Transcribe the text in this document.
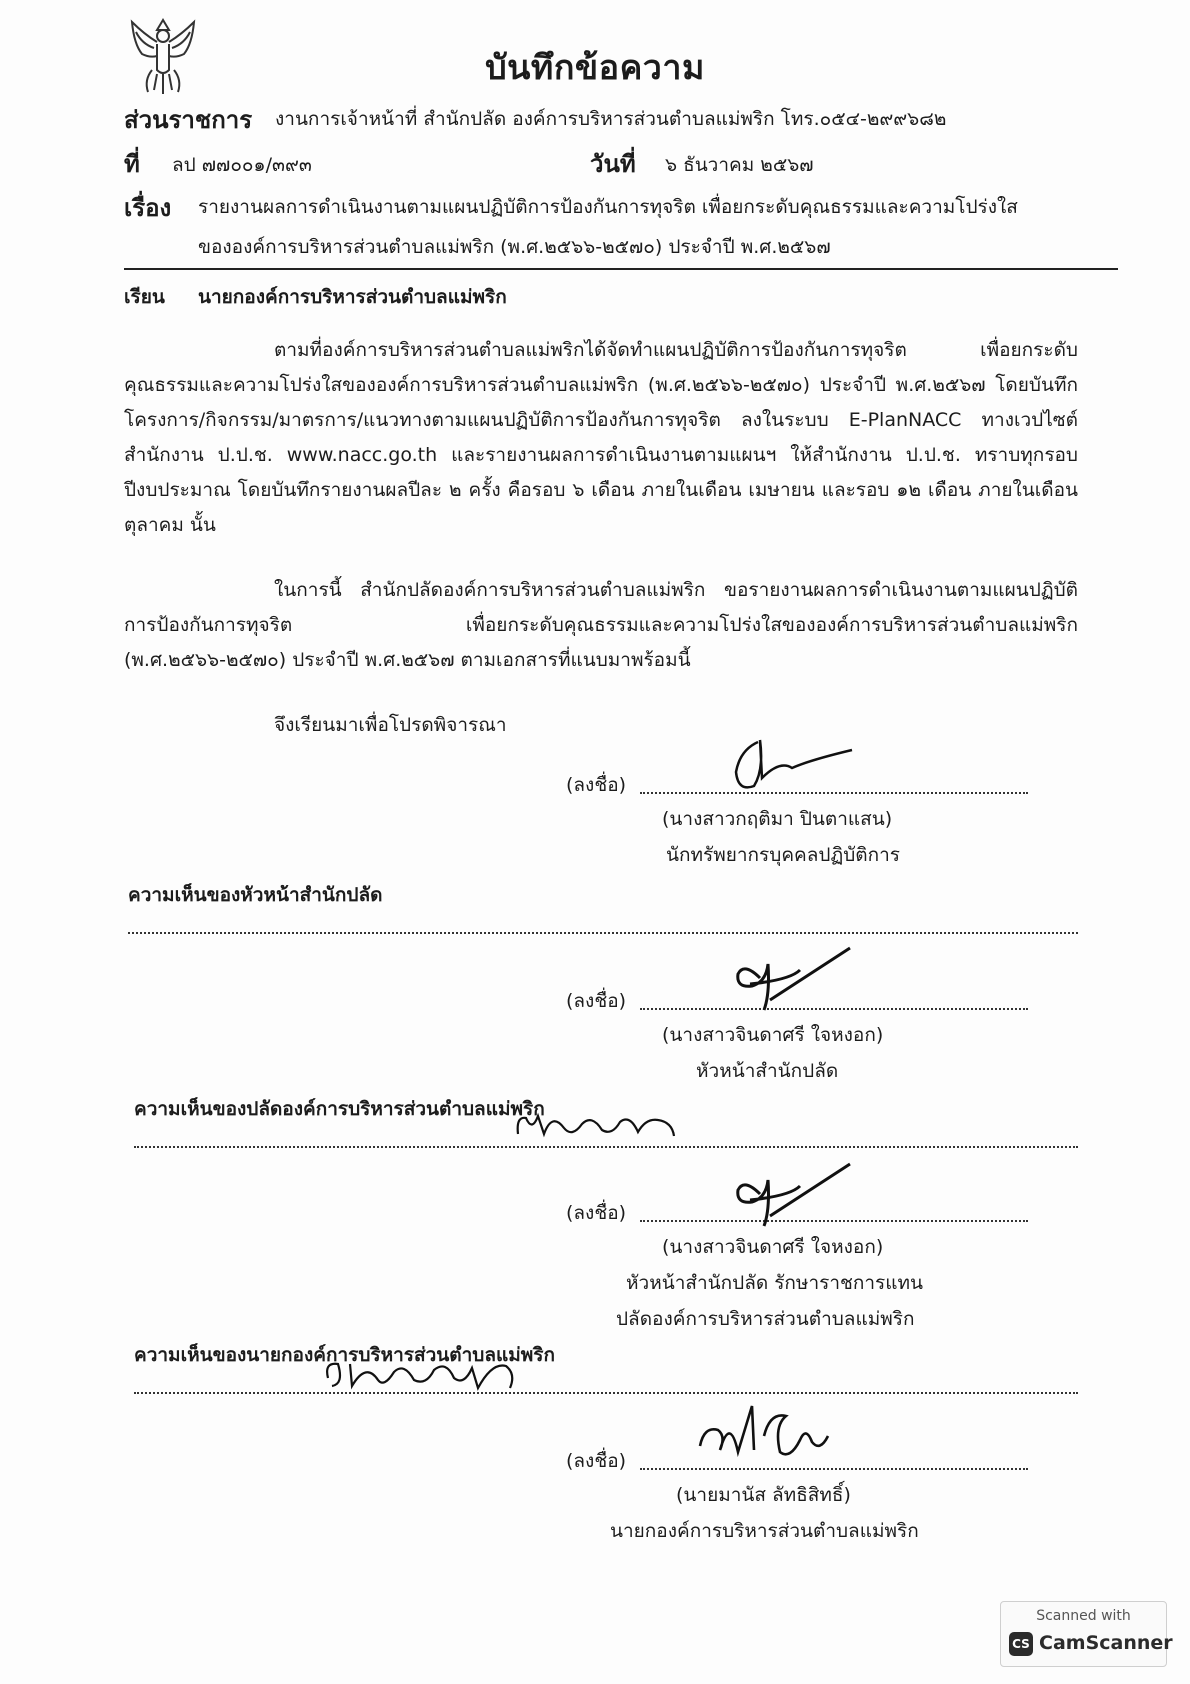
บันทึกข้อความ
ส่วนราชการ งานการเจ้าหน้าที่ สำนักปลัด องค์การบริหารส่วนตำบลแม่พริก โทร.๐๕๔-๒๙๙๖๘๒
ที่ ลป ๗๗๐๐๑/๓๙๓	วันที่ ๖ ธันวาคม ๒๕๖๗
เรื่อง รายงานผลการดำเนินงานตามแผนปฏิบัติการป้องกันการทุจริต เพื่อยกระดับคุณธรรมและความโปร่งใส
ขององค์การบริหารส่วนตำบลแม่พริก (พ.ศ.๒๕๖๖-๒๕๗๐) ประจำปี พ.ศ.๒๕๖๗
เรียน นายกองค์การบริหารส่วนตำบลแม่พริก
ตามที่องค์การบริหารส่วนตำบลแม่พริกได้จัดทำแผนปฏิบัติการป้องกันการทุจริต เพื่อยกระดับคุณธรรมและความโปร่งใสขององค์การบริหารส่วนตำบลแม่พริก (พ.ศ.๒๕๖๖-๒๕๗๐) ประจำปี พ.ศ.๒๕๖๗ โดยบันทึกโครงการ/กิจกรรม/มาตรการ/แนวทางตามแผนปฏิบัติการป้องกันการทุจริต ลงในระบบ E-PlanNACC ทางเวปไซต์สำนักงาน ป.ป.ช. www.nacc.go.th และรายงานผลการดำเนินงานตามแผนฯ ให้สำนักงาน ป.ป.ช. ทราบทุกรอบปีงบประมาณ โดยบันทึกรายงานผลปีละ ๒ ครั้ง คือรอบ ๖ เดือน ภายในเดือน เมษายน และรอบ ๑๒ เดือน ภายในเดือน ตุลาคม นั้น
ในการนี้ สำนักปลัดองค์การบริหารส่วนตำบลแม่พริก ขอรายงานผลการดำเนินงานตามแผนปฏิบัติการป้องกันการทุจริต เพื่อยกระดับคุณธรรมและความโปร่งใสขององค์การบริหารส่วนตำบลแม่พริก (พ.ศ.๒๕๖๖-๒๕๗๐) ประจำปี พ.ศ.๒๕๖๗ ตามเอกสารที่แนบมาพร้อมนี้
จึงเรียนมาเพื่อโปรดพิจารณา
(ลงชื่อ)
(นางสาวกฤติมา ปินตาแสน)
นักทรัพยากรบุคคลปฏิบัติการ
ความเห็นของหัวหน้าสำนักปลัด
(ลงชื่อ)
(นางสาวจินดาศรี ใจหงอก)
หัวหน้าสำนักปลัด
ความเห็นของปลัดองค์การบริหารส่วนตำบลแม่พริก
(ลงชื่อ)
(นางสาวจินดาศรี ใจหงอก)
หัวหน้าสำนักปลัด รักษาราชการแทน
ปลัดองค์การบริหารส่วนตำบลแม่พริก
ความเห็นของนายกองค์การบริหารส่วนตำบลแม่พริก
(ลงชื่อ)
(นายมานัส ลัทธิสิทธิ์)
นายกองค์การบริหารส่วนตำบลแม่พริก
Scanned with
CS CamScanner
